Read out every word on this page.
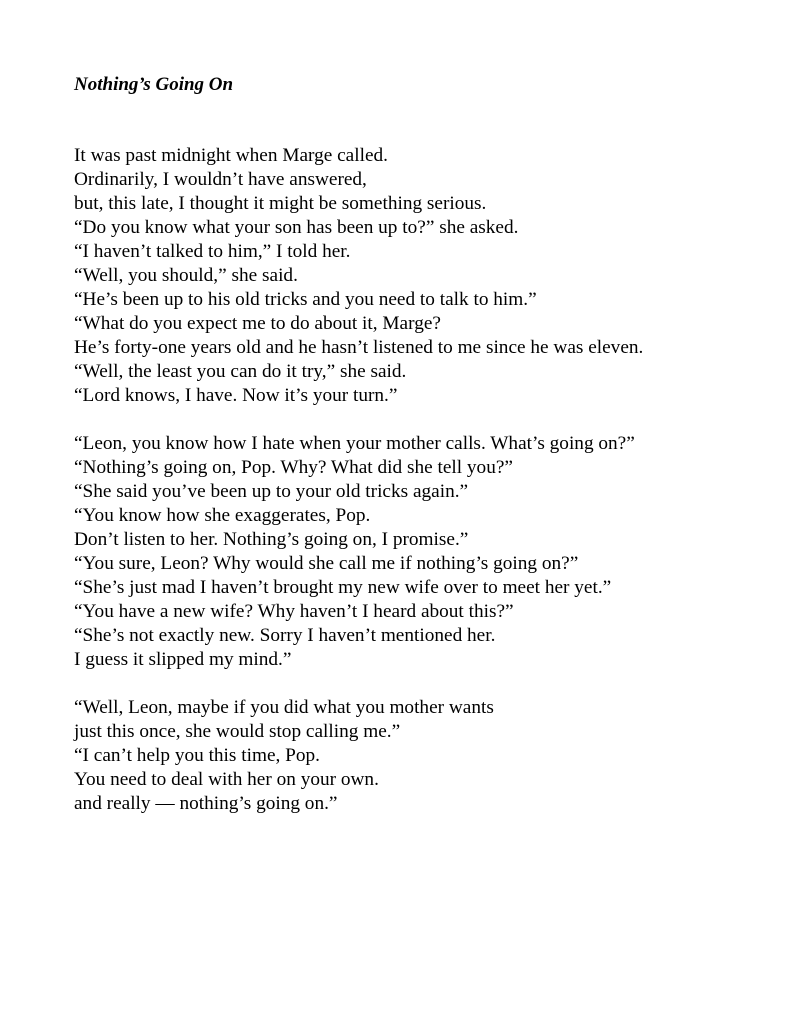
Nothing’s Going On
It was past midnight when Marge called.
Ordinarily, I wouldn’t have answered,
but, this late, I thought it might be something serious.
“Do you know what your son has been up to?” she asked.
“I haven’t talked to him,” I told her.
“Well, you should,” she said.
“He’s been up to his old tricks and you need to talk to him.”
“What do you expect me to do about it, Marge?
He’s forty-one years old and he hasn’t listened to me since he was eleven.
“Well, the least you can do it try,” she said.
“Lord knows, I have. Now it’s your turn.”
“Leon, you know how I hate when your mother calls. What’s going on?”
“Nothing’s going on, Pop. Why? What did she tell you?”
“She said you’ve been up to your old tricks again.”
“You know how she exaggerates, Pop.
Don’t listen to her. Nothing’s going on, I promise.”
“You sure, Leon? Why would she call me if nothing’s going on?”
“She’s just mad I haven’t brought my new wife over to meet her yet.”
“You have a new wife? Why haven’t I heard about this?”
“She’s not exactly new. Sorry I haven’t mentioned her.
I guess it slipped my mind.”
“Well, Leon, maybe if you did what you mother wants
just this once, she would stop calling me.”
“I can’t help you this time, Pop.
You need to deal with her on your own.
and really — nothing’s going on.”
